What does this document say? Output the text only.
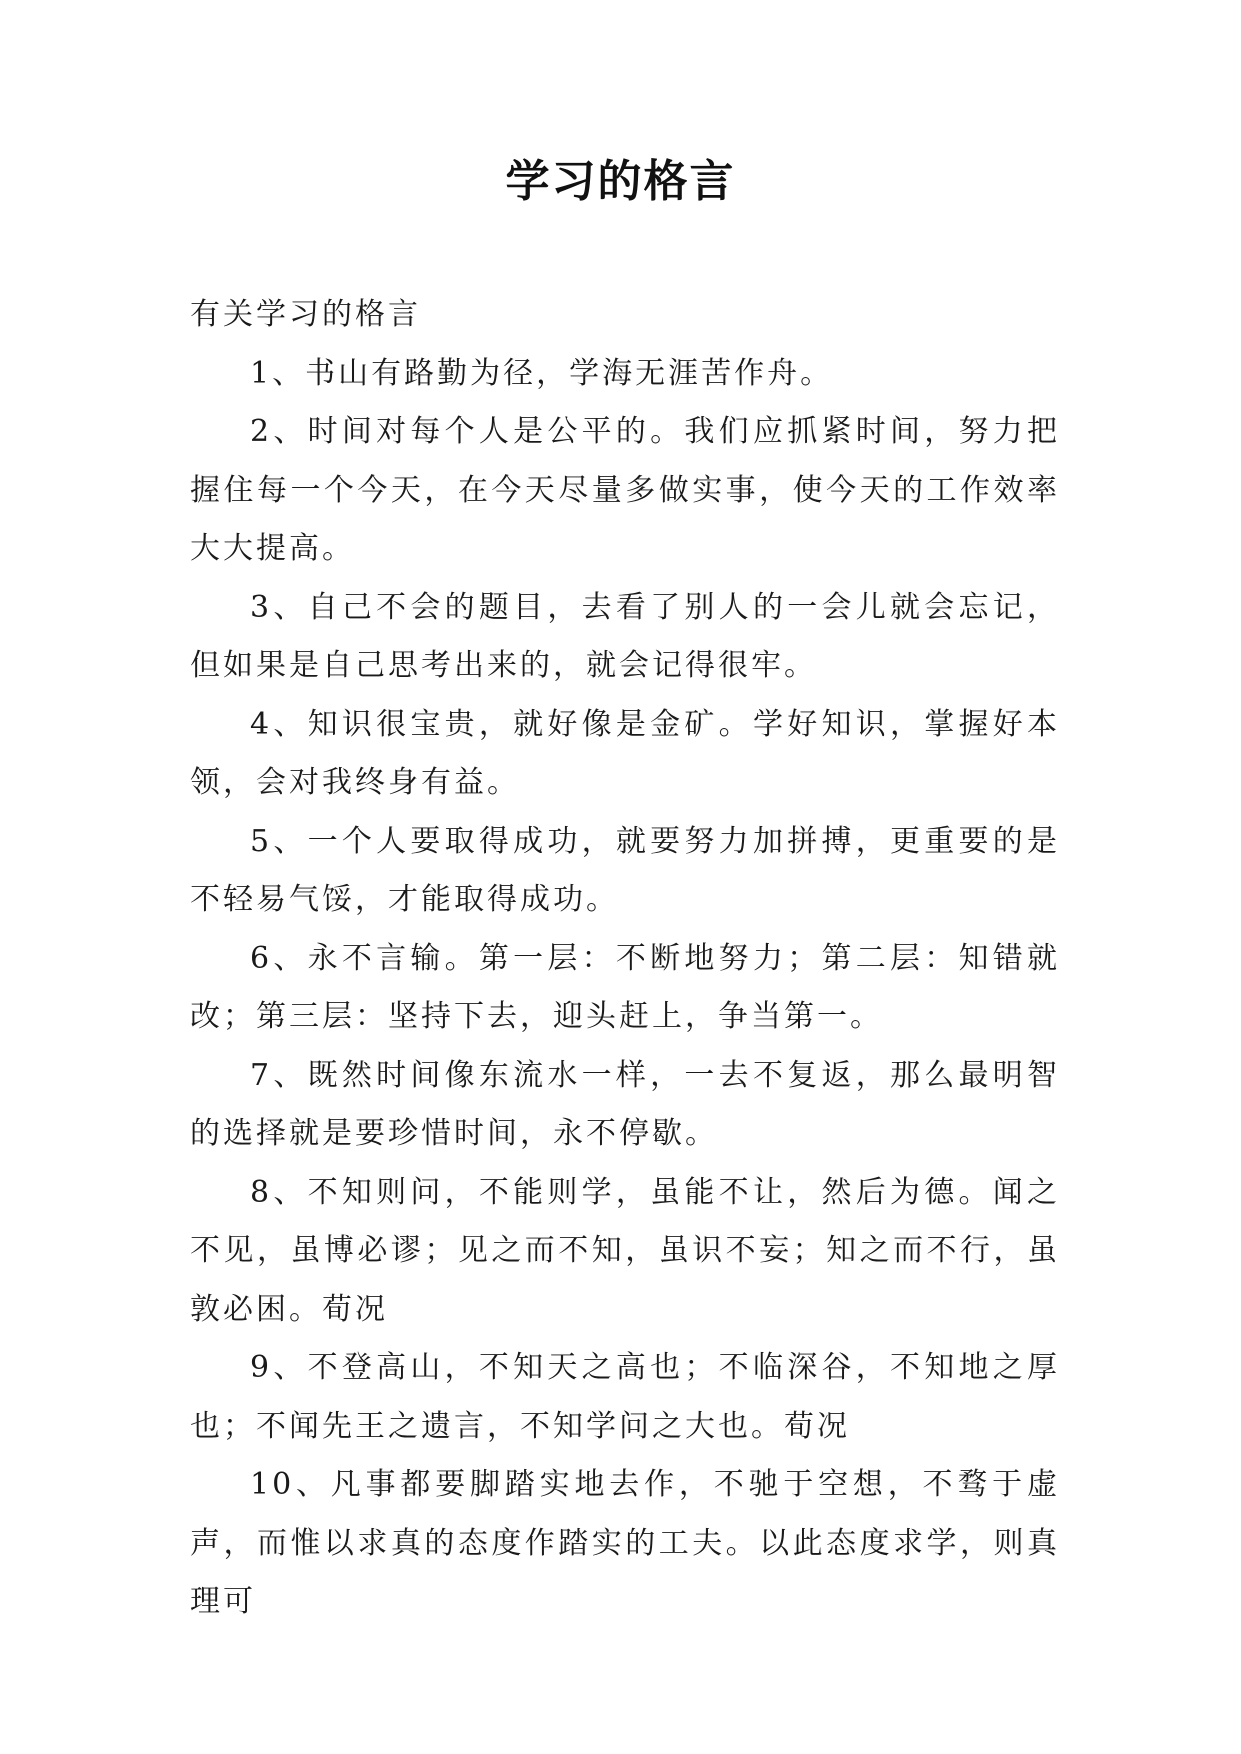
学习的格言

有关学习的格言

1、书山有路勤为径，学海无涯苦作舟。

2、时间对每个人是公平的。我们应抓紧时间，努力把握住每一个今天，在今天尽量多做实事，使今天的工作效率大大提高。

3、自己不会的题目，去看了别人的一会儿就会忘记，但如果是自己思考出来的，就会记得很牢。

4、知识很宝贵，就好像是金矿。学好知识，掌握好本领，会对我终身有益。

5、一个人要取得成功，就要努力加拼搏，更重要的是不轻易气馁，才能取得成功。

6、永不言输。第一层：不断地努力；第二层：知错就改；第三层：坚持下去，迎头赶上，争当第一。

7、既然时间像东流水一样，一去不复返，那么最明智的选择就是要珍惜时间，永不停歇。

8、不知则问，不能则学，虽能不让，然后为德。闻之不见，虽博必谬；见之而不知，虽识不妄；知之而不行，虽敦必困。荀况

9、不登高山，不知天之高也；不临深谷，不知地之厚也；不闻先王之遗言，不知学问之大也。荀况

10、凡事都要脚踏实地去作，不驰于空想，不骛于虚声，而惟以求真的态度作踏实的工夫。以此态度求学，则真理可
